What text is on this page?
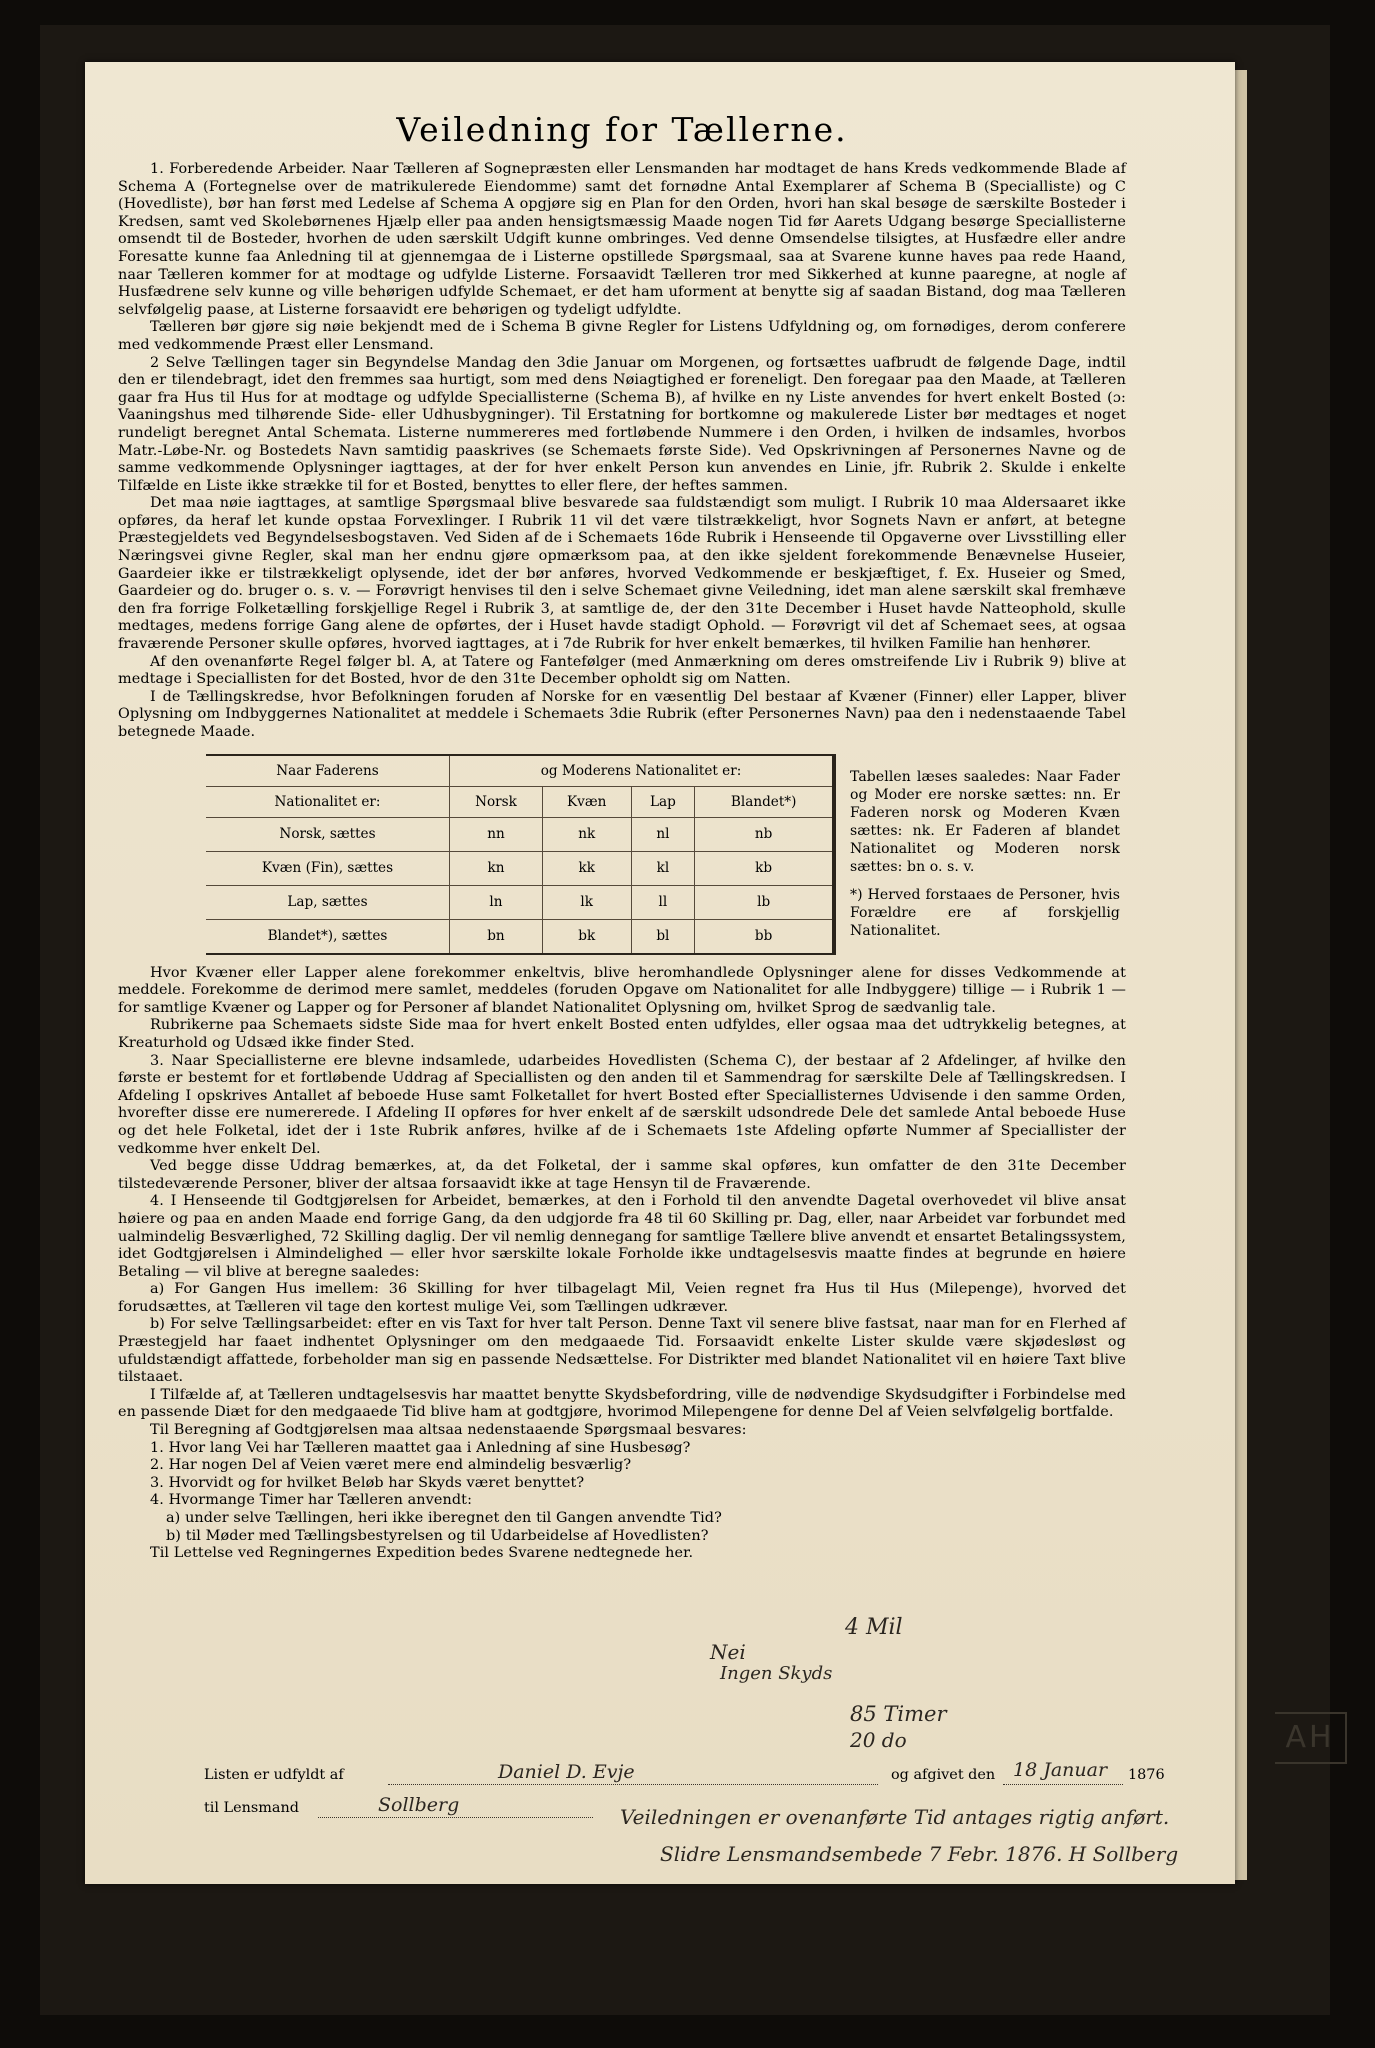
AH
Veiledning for Tællerne.

1. Forberedende Arbeider. Naar Tælleren af Sognepræsten eller Lensmanden har modtaget de hans Kreds vedkommende Blade af Schema A (Fortegnelse over de matrikulerede Eiendomme) samt det fornødne Antal Exemplarer af Schema B (Specialliste) og C (Hovedliste), bør han først med Ledelse af Schema A opgjøre sig en Plan for den Orden, hvori han skal besøge de særskilte Bosteder i Kredsen, samt ved Skolebørnenes Hjælp eller paa anden hensigtsmæssig Maade nogen Tid før Aarets Udgang besørge Speciallisterne omsendt til de Bosteder, hvorhen de uden særskilt Udgift kunne ombringes. Ved denne Omsendelse tilsigtes, at Husfædre eller andre Foresatte kunne faa Anledning til at gjennemgaa de i Listerne opstillede Spørgsmaal, saa at Svarene kunne haves paa rede Haand, naar Tælleren kommer for at modtage og udfylde Listerne. Forsaavidt Tælleren tror med Sikkerhed at kunne paaregne, at nogle af Husfædrene selv kunne og ville behørigen udfylde Schemaet, er det ham uforment at benytte sig af saadan Bistand, dog maa Tælleren selvfølgelig paase, at Listerne forsaavidt ere behørigen og tydeligt udfyldte.

Tælleren bør gjøre sig nøie bekjendt med de i Schema B givne Regler for Listens Udfyldning og, om fornødiges, derom conferere med vedkommende Præst eller Lensmand.

2 Selve Tællingen tager sin Begyndelse Mandag den 3die Januar om Morgenen, og fortsættes uafbrudt de følgende Dage, indtil den er tilendebragt, idet den fremmes saa hurtigt, som med dens Nøiagtighed er foreneligt. Den foregaar paa den Maade, at Tælleren gaar fra Hus til Hus for at modtage og udfylde Speciallisterne (Schema B), af hvilke en ny Liste anvendes for hvert enkelt Bosted (ɔ: Vaaningshus med tilhørende Side- eller Udhusbygninger). Til Erstatning for bortkomne og makulerede Lister bør medtages et noget rundeligt beregnet Antal Schemata. Listerne nummereres med fortløbende Nummere i den Orden, i hvilken de indsamles, hvorbos Matr.-Løbe-Nr. og Bostedets Navn samtidig paaskrives (se Schemaets første Side). Ved Opskrivningen af Personernes Navne og de samme vedkommende Oplysninger iagttages, at der for hver enkelt Person kun anvendes en Linie, jfr. Rubrik 2. Skulde i enkelte Tilfælde en Liste ikke strække til for et Bosted, benyttes to eller flere, der heftes sammen.

Det maa nøie iagttages, at samtlige Spørgsmaal blive besvarede saa fuldstændigt som muligt. I Rubrik 10 maa Aldersaaret ikke opføres, da heraf let kunde opstaa Forvexlinger. I Rubrik 11 vil det være tilstrækkeligt, hvor Sognets Navn er anført, at betegne Præstegjeldets ved Begyndelsesbogstaven. Ved Siden af de i Schemaets 16de Rubrik i Henseende til Opgaverne over Livsstilling eller Næringsvei givne Regler, skal man her endnu gjøre opmærksom paa, at den ikke sjeldent forekommende Benævnelse Huseier, Gaardeier ikke er tilstrækkeligt oplysende, idet der bør anføres, hvorved Vedkommende er beskjæftiget, f. Ex. Huseier og Smed, Gaardeier og do. bruger o. s. v. — Forøvrigt henvises til den i selve Schemaet givne Veiledning, idet man alene særskilt skal fremhæve den fra forrige Folketælling forskjellige Regel i Rubrik 3, at samtlige de, der den 31te December i Huset havde Natteophold, skulle medtages, medens forrige Gang alene de opførtes, der i Huset havde stadigt Ophold. — Forøvrigt vil det af Schemaet sees, at ogsaa fraværende Personer skulle opføres, hvorved iagttages, at i 7de Rubrik for hver enkelt bemærkes, til hvilken Familie han henhører.

Af den ovenanførte Regel følger bl. A, at Tatere og Fantefølger (med Anmærkning om deres omstreifende Liv i Rubrik 9) blive at medtage i Speciallisten for det Bosted, hvor de den 31te December opholdt sig om Natten.

I de Tællingskredse, hvor Befolkningen foruden af Norske for en væsentlig Del bestaar af Kvæner (Finner) eller Lapper, bliver Oplysning om Indbyggernes Nationalitet at meddele i Schemaets 3die Rubrik (efter Personernes Navn) paa den i nedenstaaende Tabel betegnede Maade.

Naar Faderens	og Moderens Nationalitet er:			
Nationalitet er:	Norsk	Kvæn	Lap	Blandet*)
Norsk, sættes	nn	nk	nl	nb
Kvæn (Fin), sættes	kn	kk	kl	kb
Lap, sættes	ln	lk	ll	lb
Blandet*), sættes	bn	bk	bl	bb

Tabellen læses saaledes: Naar Fader og Moder ere norske sættes: nn. Er Faderen norsk og Moderen Kvæn sættes: nk. Er Faderen af blandet Nationalitet og Moderen norsk sættes: bn o. s. v.

*) Herved forstaaes de Personer, hvis Forældre ere af forskjellig Nationalitet.

Hvor Kvæner eller Lapper alene forekommer enkeltvis, blive heromhandlede Oplysninger alene for disses Vedkommende at meddele. Forekomme de derimod mere samlet, meddeles (foruden Opgave om Nationalitet for alle Indbyggere) tillige — i Rubrik 1 — for samtlige Kvæner og Lapper og for Personer af blandet Nationalitet Oplysning om, hvilket Sprog de sædvanlig tale.

Rubrikerne paa Schemaets sidste Side maa for hvert enkelt Bosted enten udfyldes, eller ogsaa maa det udtrykkelig betegnes, at Kreaturhold og Udsæd ikke finder Sted.

3. Naar Speciallisterne ere blevne indsamlede, udarbeides Hovedlisten (Schema C), der bestaar af 2 Afdelinger, af hvilke den første er bestemt for et fortløbende Uddrag af Speciallisten og den anden til et Sammendrag for særskilte Dele af Tællingskredsen. I Afdeling I opskrives Antallet af beboede Huse samt Folketallet for hvert Bosted efter Speciallisternes Udvisende i den samme Orden, hvorefter disse ere numererede. I Afdeling II opføres for hver enkelt af de særskilt udsondrede Dele det samlede Antal beboede Huse og det hele Folketal, idet der i 1ste Rubrik anføres, hvilke af de i Schemaets 1ste Afdeling opførte Nummer af Speciallister der vedkomme hver enkelt Del.

Ved begge disse Uddrag bemærkes, at, da det Folketal, der i samme skal opføres, kun omfatter de den 31te December tilstedeværende Personer, bliver der altsaa forsaavidt ikke at tage Hensyn til de Fraværende.

4. I Henseende til Godtgjørelsen for Arbeidet, bemærkes, at den i Forhold til den anvendte Dagetal overhovedet vil blive ansat høiere og paa en anden Maade end forrige Gang, da den udgjorde fra 48 til 60 Skilling pr. Dag, eller, naar Arbeidet var forbundet med ualmindelig Besværlighed, 72 Skilling daglig. Der vil nemlig dennegang for samtlige Tællere blive anvendt et ensartet Betalingssystem, idet Godtgjørelsen i Almindelighed — eller hvor særskilte lokale Forholde ikke undtagelsesvis maatte findes at begrunde en høiere Betaling — vil blive at beregne saaledes:

a) For Gangen Hus imellem: 36 Skilling for hver tilbagelagt Mil, Veien regnet fra Hus til Hus (Milepenge), hvorved det forudsættes, at Tælleren vil tage den kortest mulige Vei, som Tællingen udkræver.

b) For selve Tællingsarbeidet: efter en vis Taxt for hver talt Person. Denne Taxt vil senere blive fastsat, naar man for en Flerhed af Præstegjeld har faaet indhentet Oplysninger om den medgaaede Tid. Forsaavidt enkelte Lister skulde være skjødesløst og ufuldstændigt affattede, forbeholder man sig en passende Nedsættelse. For Distrikter med blandet Nationalitet vil en høiere Taxt blive tilstaaet.

I Tilfælde af, at Tælleren undtagelsesvis har maattet benytte Skydsbefordring, ville de nødvendige Skydsudgifter i Forbindelse med en passende Diæt for den medgaaede Tid blive ham at godtgjøre, hvorimod Milepengene for denne Del af Veien selvfølgelig bortfalde.

Til Beregning af Godtgjørelsen maa altsaa nedenstaaende Spørgsmaal besvares:

1. Hvor lang Vei har Tælleren maattet gaa i Anledning af sine Husbesøg?

2. Har nogen Del af Veien været mere end almindelig besværlig?

3. Hvorvidt og for hvilket Beløb har Skyds været benyttet?

4. Hvormange Timer har Tælleren anvendt:

a) under selve Tællingen, heri ikke iberegnet den til Gangen anvendte Tid?

b) til Møder med Tællingsbestyrelsen og til Udarbeidelse af Hovedlisten?

Til Lettelse ved Regningernes Expedition bedes Svarene nedtegnede her.

4 Mil
Nei
Ingen Skyds
85 Timer
20 do
Listen er udfyldt af	Daniel D. Evje	og afgivet den 18 Januar 1876
til Lensmand	Sollberg	Veiledningen er ovenanførte Tid antages rigtig anført.
Slidre Lensmandsembede 7 Febr. 1876. H Sollberg
